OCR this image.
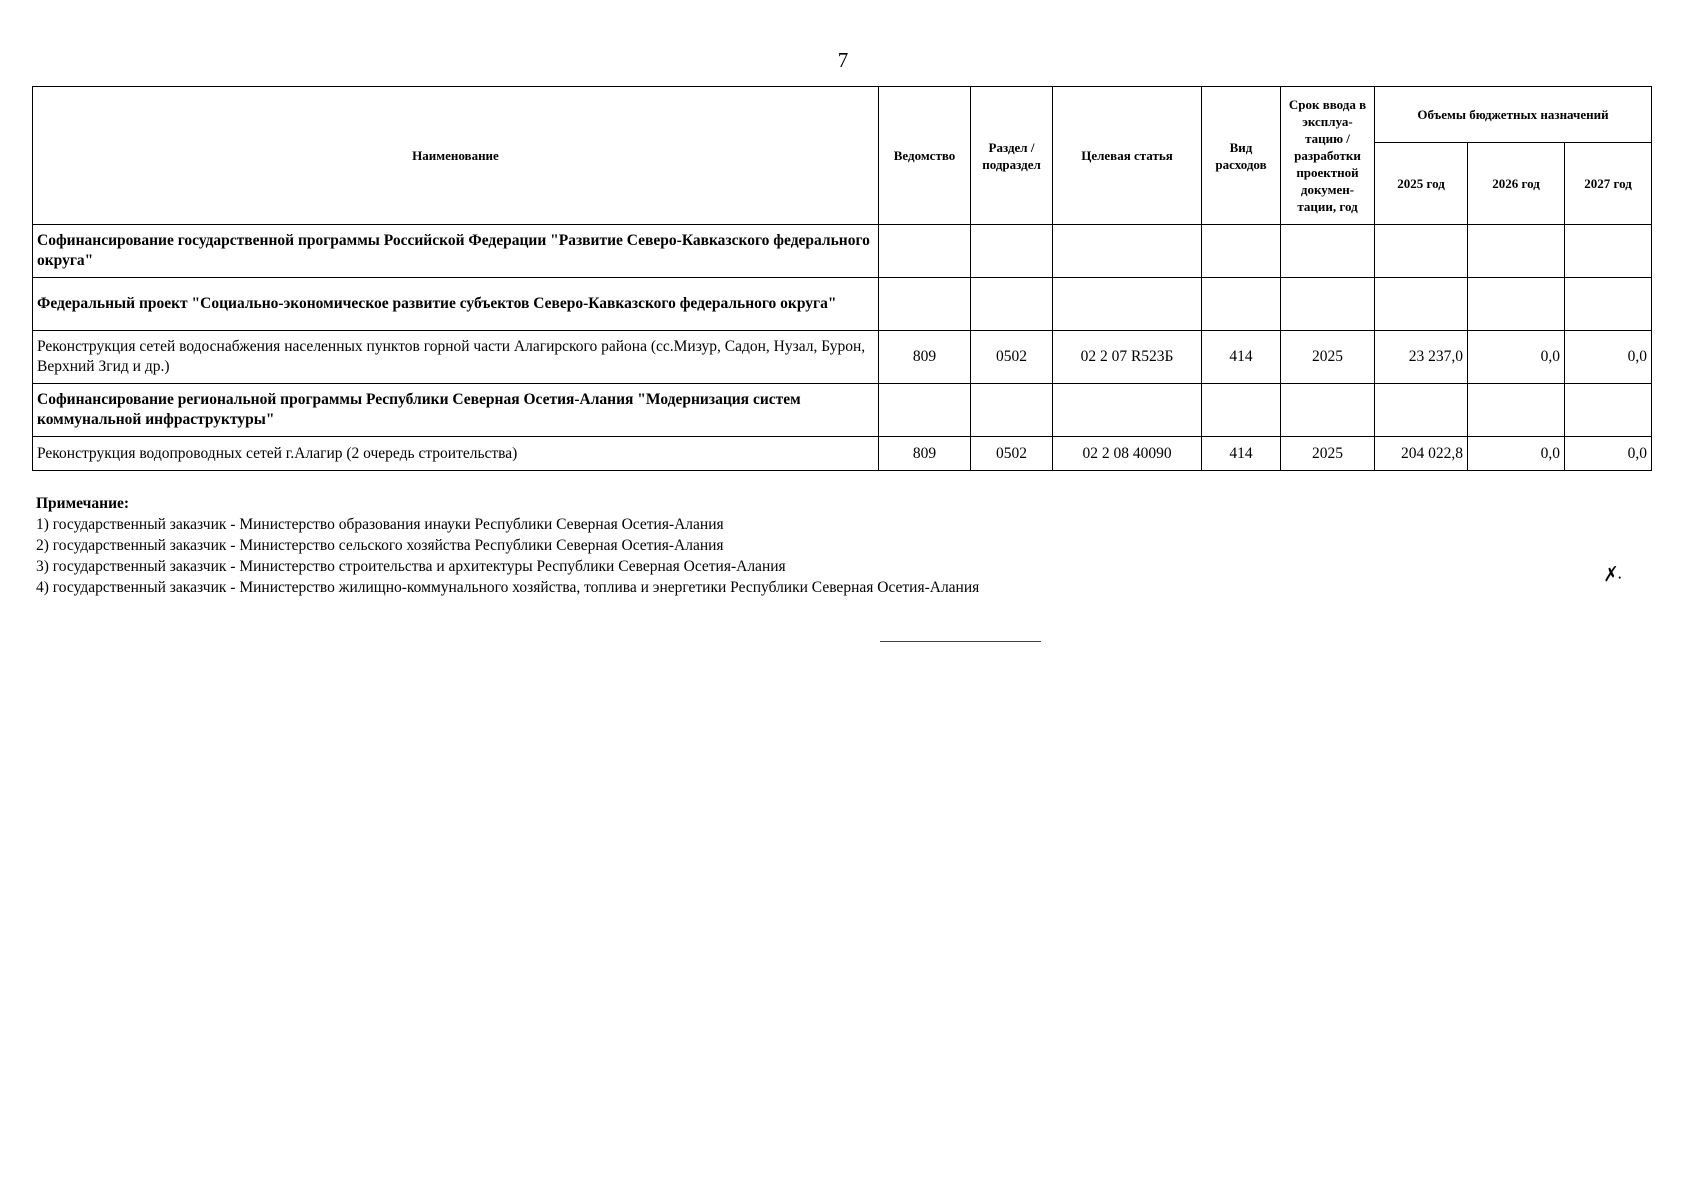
7
Наименование	Ведомство	Раздел / подраздел	Целевая статья	Вид расходов	Срок ввода в эксплуа-тацию / разработки проектной докумен-тации, год	Объемы бюджетных назначений		
						2025 год	2026 год	2027 год
Софинансирование государственной программы Российской Федерации "Развитие Северо-Кавказского федерального округа"								
Федеральный проект "Социально-экономическое развитие субъектов Северо-Кавказского федерального округа"								
Реконструкция сетей водоснабжения населенных пунктов горной части Алагирского района (сс.Мизур, Садон, Нузал, Бурон, Верхний Згид и др.)	809	0502	02 2 07 R523Б	414	2025	23 237,0	0,0	0,0
Софинансирование региональной программы Республики Северная Осетия-Алания "Модернизация систем коммунальной инфраструктуры"								
Реконструкция водопроводных сетей г.Алагир (2 очередь строительства)	809	0502	02 2 08 40090	414	2025	204 022,8	0,0	0,0
Примечание:
1) государственный заказчик - Министерство образования инауки Республики Северная Осетия-Алания
2) государственный заказчик - Министерство сельского хозяйства Республики Северная Осетия-Алания
3) государственный заказчик - Министерство строительства и архитектуры Республики Северная Осетия-Алания
4) государственный заказчик - Министерство жилищно-коммунального хозяйства, топлива и энергетики Республики Северная Осетия-Алания
✗.
